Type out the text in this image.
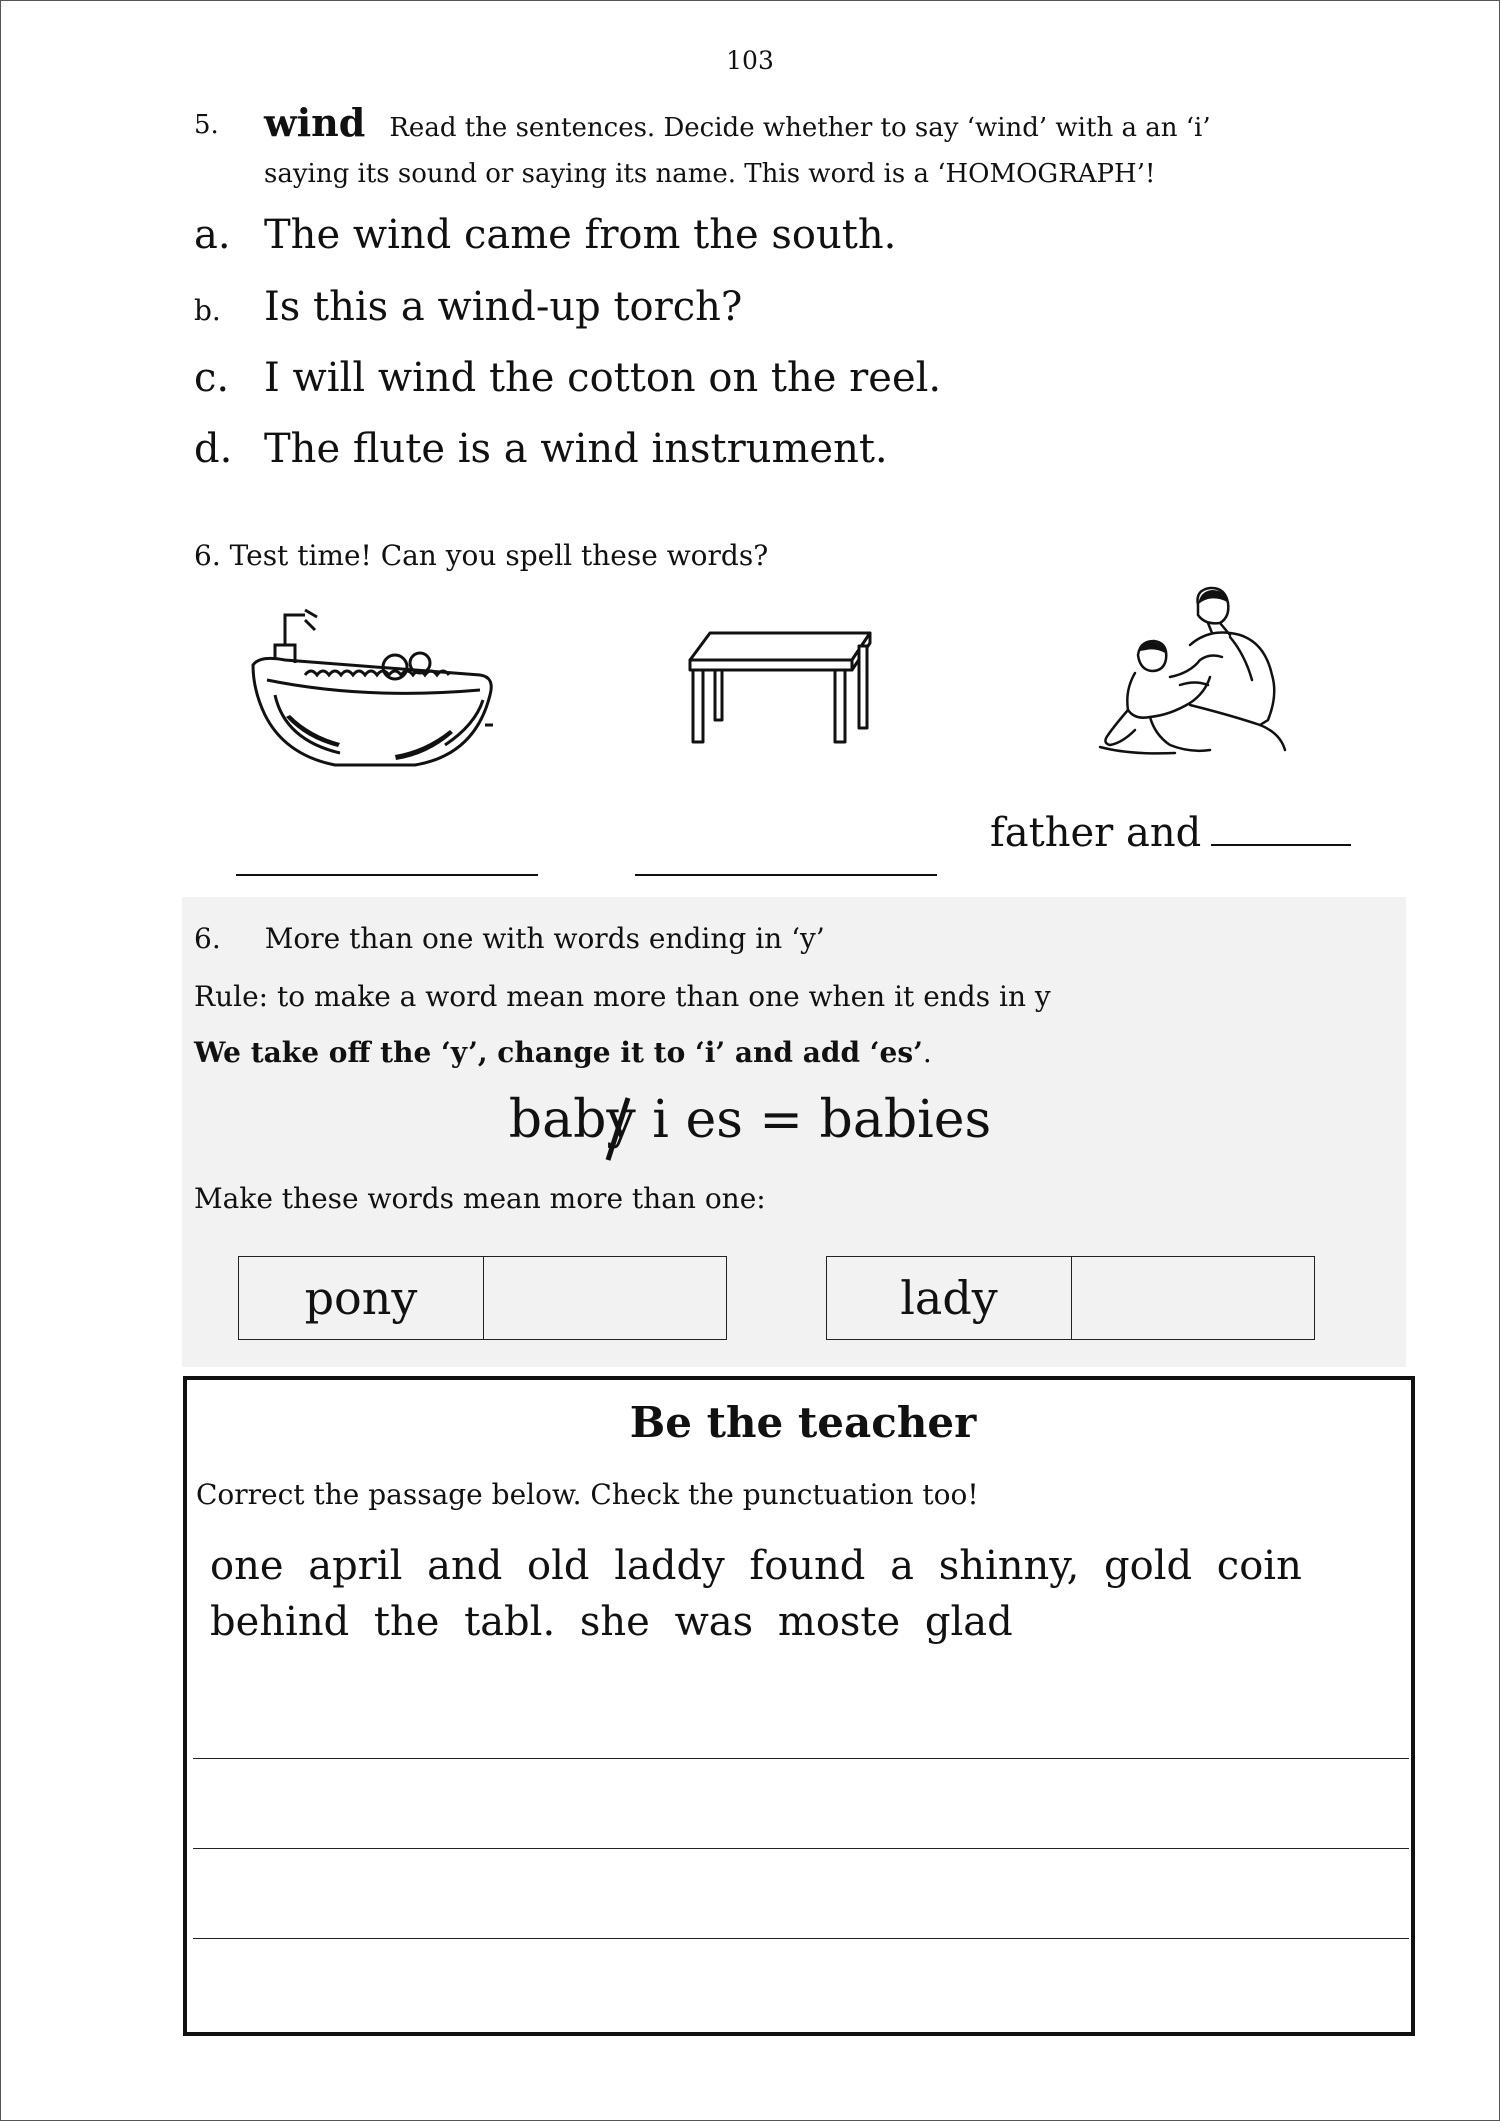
103
5. wind Read the sentences. Decide whether to say ‘wind’ with a an ‘i’
saying its sound or saying its name. This word is a ‘HOMOGRAPH’!
a. The wind came from the south.
b. Is this a wind-up torch?
c. I will wind the cotton on the reel.
d. The flute is a wind instrument.
6. Test time! Can you spell these words?
father and
6. More than one with words ending in ‘y’
Rule: to make a word mean more than one when it ends in y
We take off the ‘y’, change it to ‘i’ and add ‘es’.
baby
i es = babies
Make these words mean more than one:
pony	lady
Be the teacher
Correct the passage below. Check the punctuation too!
one april and old laddy found a shinny, gold coin
behind the tabl. she was moste glad
